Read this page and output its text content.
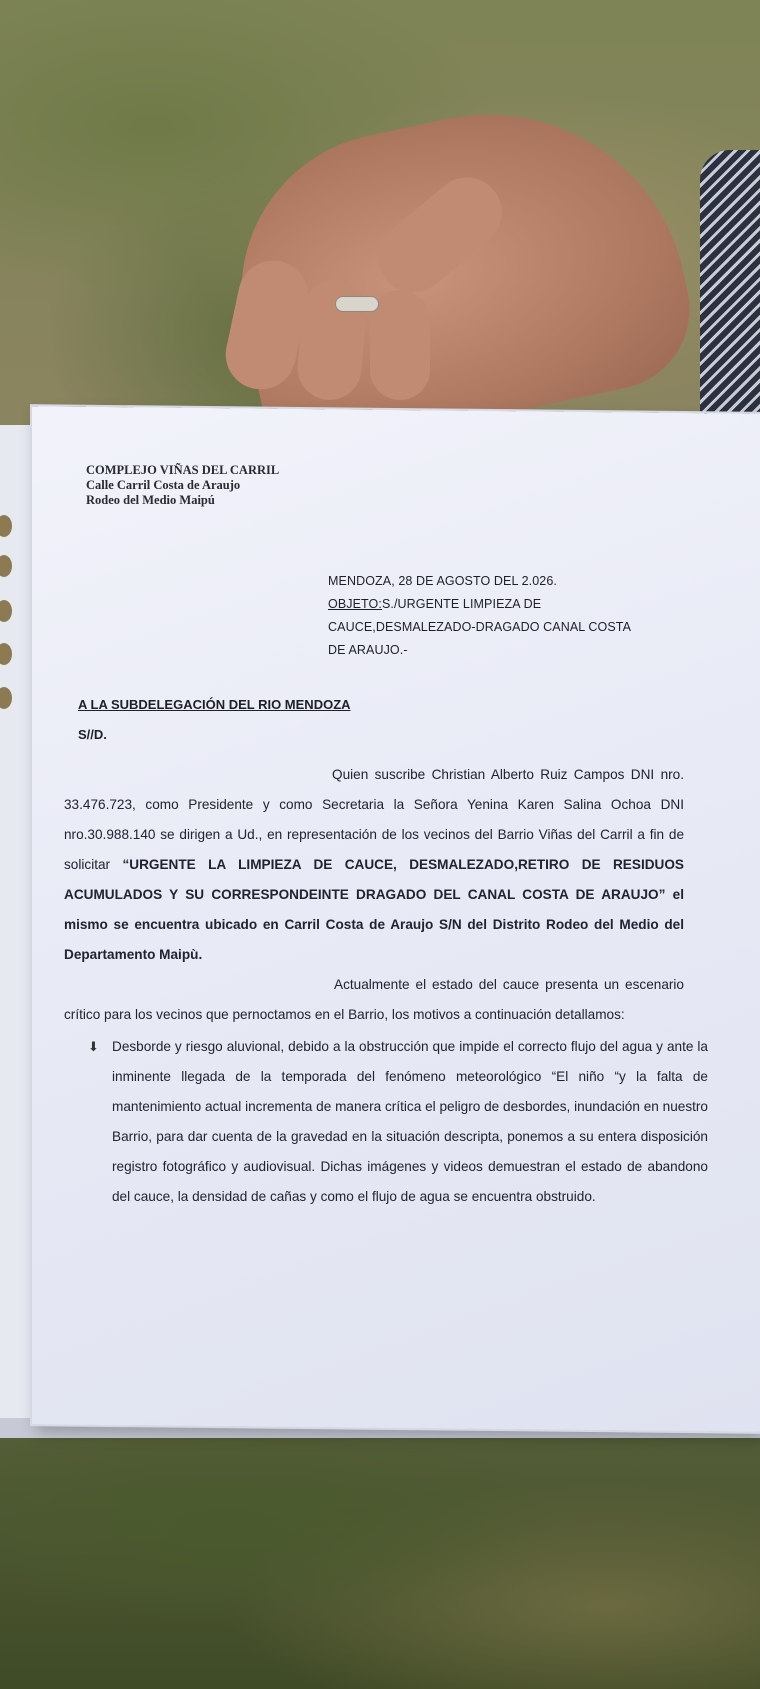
COMPLEJO VIÑAS DEL CARRIL
Calle Carril Costa de Araujo
Rodeo del Medio Maipú
MENDOZA, 28 DE AGOSTO DEL 2.026.
OBJETO:S./URGENTE LIMPIEZA DE
CAUCE,DESMALEZADO-DRAGADO CANAL COSTA
DE ARAUJO.-
A LA SUBDELEGACIÓN DEL RIO MENDOZA
S//D.
Quien suscribe Christian Alberto Ruiz Campos DNI nro. 33.476.723, como Presidente y como Secretaria la Señora Yenina Karen Salina Ochoa DNI nro.30.988.140 se dirigen a Ud., en representación de los vecinos del Barrio Viñas del Carril a fin de solicitar “URGENTE LA LIMPIEZA DE CAUCE, DESMALEZADO,RETIRO DE RESIDUOS ACUMULADOS Y SU CORRESPONDEINTE DRAGADO DEL CANAL COSTA DE ARAUJO” el mismo se encuentra ubicado en Carril Costa de Araujo S/N del Distrito Rodeo del Medio del Departamento Maipù.
Actualmente el estado del cauce presenta un escenario crítico para los vecinos que pernoctamos en el Barrio, los motivos a continuación detallamos:
⬇ Desborde y riesgo aluvional, debido a la obstrucción que impide el correcto flujo del agua y ante la inminente llegada de la temporada del fenómeno meteorológico “El niño “y la falta de mantenimiento actual incrementa de manera crítica el peligro de desbordes, inundación en nuestro Barrio, para dar cuenta de la gravedad en la situación descripta, ponemos a su entera disposición registro fotográfico y audiovisual. Dichas imágenes y videos demuestran el estado de abandono del cauce, la densidad de cañas y como el flujo de agua se encuentra obstruido.
